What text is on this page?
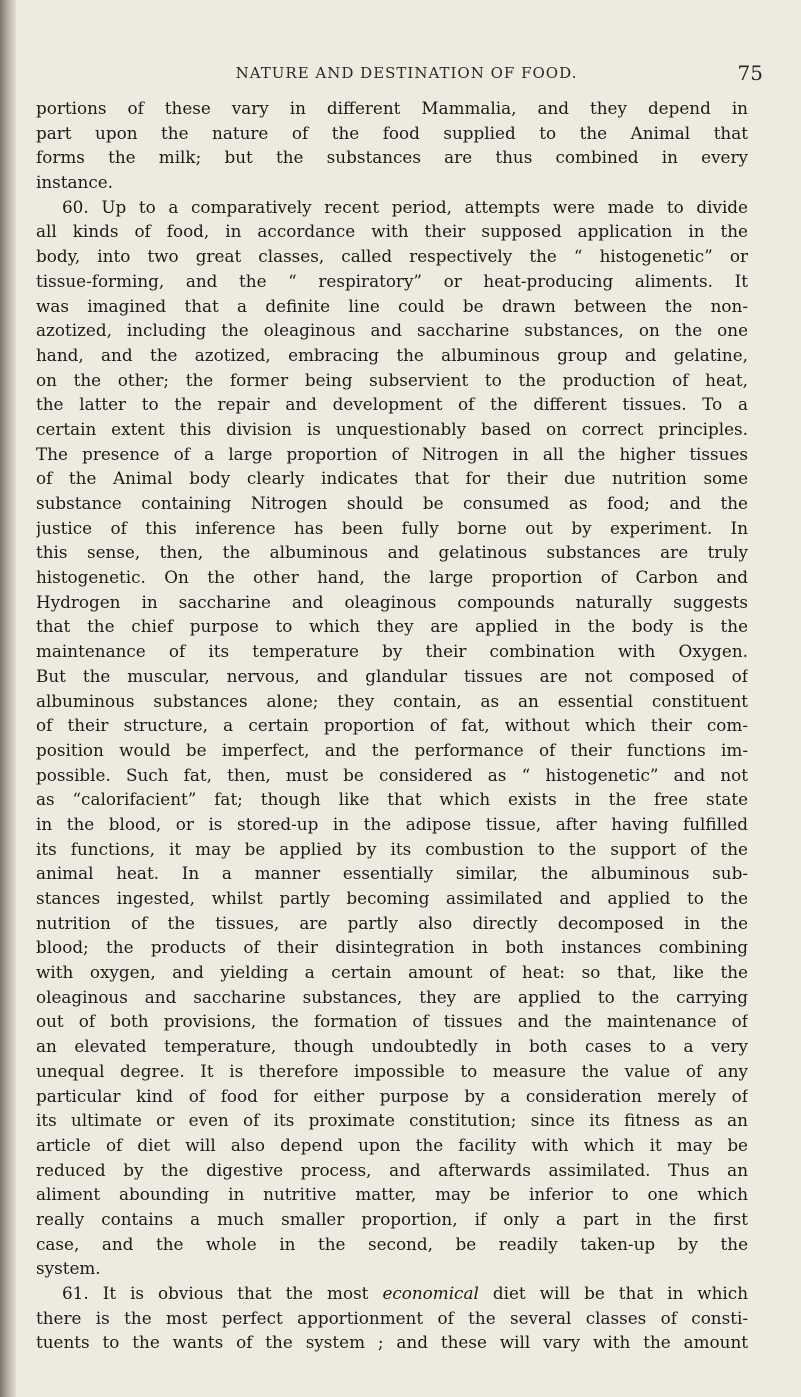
NATURE AND DESTINATION OF FOOD.	75
portions of these vary in different Mammalia, and they depend in
part upon the nature of the food supplied to the Animal that
forms the milk; but the substances are thus combined in every
instance.
60. Up to a comparatively recent period, attempts were made to divide
all kinds of food, in accordance with their supposed application in the
body, into two great classes, called respectively the “ histogenetic” or
tissue-forming, and the “ respiratory” or heat-producing aliments. It
was imagined that a definite line could be drawn between the non-
azotized, including the oleaginous and saccharine substances, on the one
hand, and the azotized, embracing the albuminous group and gelatine,
on the other; the former being subservient to the production of heat,
the latter to the repair and development of the different tissues. To a
certain extent this division is unquestionably based on correct principles.
The presence of a large proportion of Nitrogen in all the higher tissues
of the Animal body clearly indicates that for their due nutrition some
substance containing Nitrogen should be consumed as food; and the
justice of this inference has been fully borne out by experiment. In
this sense, then, the albuminous and gelatinous substances are truly
histogenetic. On the other hand, the large proportion of Carbon and
Hydrogen in saccharine and oleaginous compounds naturally suggests
that the chief purpose to which they are applied in the body is the
maintenance of its temperature by their combination with Oxygen.
But the muscular, nervous, and glandular tissues are not composed of
albuminous substances alone; they contain, as an essential constituent
of their structure, a certain proportion of fat, without which their com-
position would be imperfect, and the performance of their functions im-
possible. Such fat, then, must be considered as “ histogenetic” and not
as “calorifacient” fat; though like that which exists in the free state
in the blood, or is stored-up in the adipose tissue, after having fulfilled
its functions, it may be applied by its combustion to the support of the
animal heat. In a manner essentially similar, the albuminous sub-
stances ingested, whilst partly becoming assimilated and applied to the
nutrition of the tissues, are partly also directly decomposed in the
blood; the products of their disintegration in both instances combining
with oxygen, and yielding a certain amount of heat: so that, like the
oleaginous and saccharine substances, they are applied to the carrying
out of both provisions, the formation of tissues and the maintenance of
an elevated temperature, though undoubtedly in both cases to a very
unequal degree. It is therefore impossible to measure the value of any
particular kind of food for either purpose by a consideration merely of
its ultimate or even of its proximate constitution; since its fitness as an
article of diet will also depend upon the facility with which it may be
reduced by the digestive process, and afterwards assimilated. Thus an
aliment abounding in nutritive matter, may be inferior to one which
really contains a much smaller proportion, if only a part in the first
case, and the whole in the second, be readily taken-up by the
system.
61. It is obvious that the most economical diet will be that in which
there is the most perfect apportionment of the several classes of consti-
tuents to the wants of the system ; and these will vary with the amount
